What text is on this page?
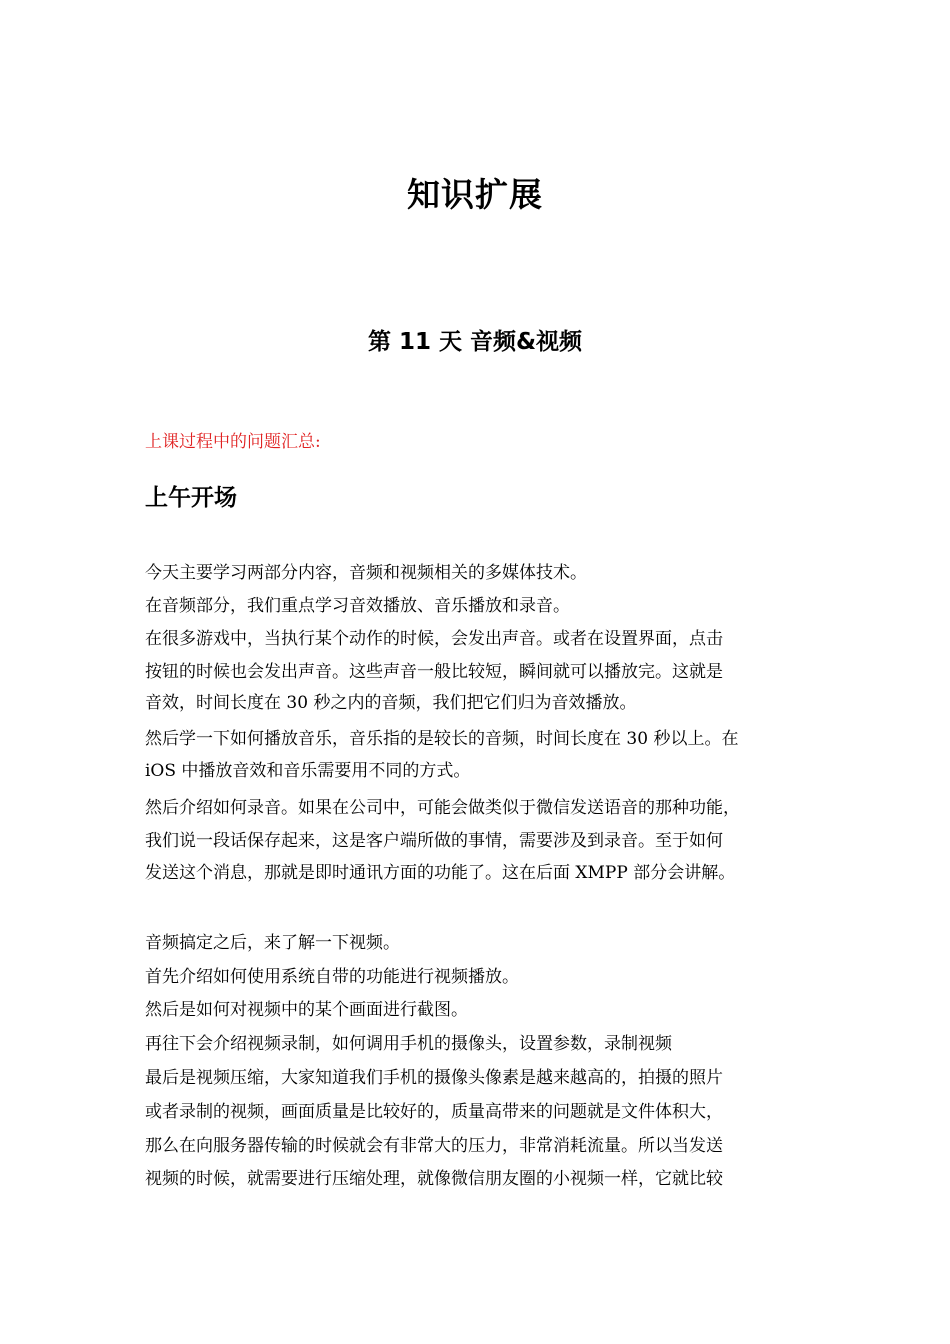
知识扩展
第 11 天 音频&视频
上课过程中的问题汇总:
上午开场
今天主要学习两部分内容，音频和视频相关的多媒体技术。
在音频部分，我们重点学习音效播放、音乐播放和录音。
在很多游戏中，当执行某个动作的时候，会发出声音。或者在设置界面，点击
按钮的时候也会发出声音。这些声音一般比较短，瞬间就可以播放完。这就是
音效，时间长度在 30 秒之内的音频，我们把它们归为音效播放。
然后学一下如何播放音乐，音乐指的是较长的音频，时间长度在 30 秒以上。在
iOS 中播放音效和音乐需要用不同的方式。
然后介绍如何录音。如果在公司中，可能会做类似于微信发送语音的那种功能，
我们说一段话保存起来，这是客户端所做的事情，需要涉及到录音。至于如何
发送这个消息，那就是即时通讯方面的功能了。这在后面 XMPP 部分会讲解。
音频搞定之后，来了解一下视频。
首先介绍如何使用系统自带的功能进行视频播放。
然后是如何对视频中的某个画面进行截图。
再往下会介绍视频录制，如何调用手机的摄像头，设置参数，录制视频
最后是视频压缩，大家知道我们手机的摄像头像素是越来越高的，拍摄的照片
或者录制的视频，画面质量是比较好的，质量高带来的问题就是文件体积大，
那么在向服务器传输的时候就会有非常大的压力，非常消耗流量。所以当发送
视频的时候，就需要进行压缩处理，就像微信朋友圈的小视频一样，它就比较
